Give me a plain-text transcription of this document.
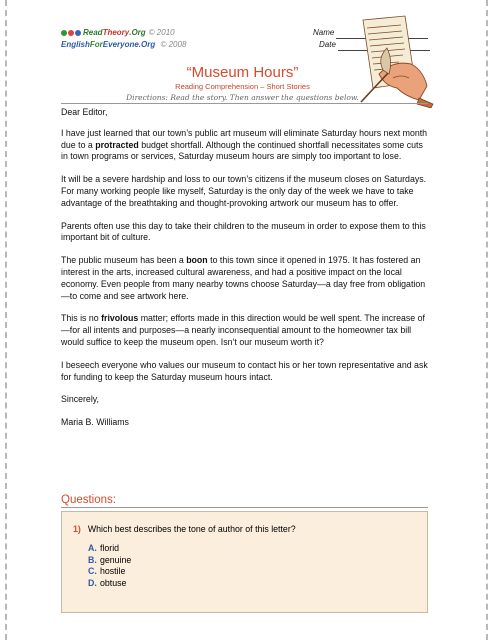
Read Theory .Org © 2010
EnglishForEveryone.Org © 2008
Name
Date
“Museum Hours”
Reading Comprehension – Short Stories
Directions: Read the story. Then answer the questions below.

Dear Editor,

I have just learned that our town’s public art museum will eliminate Saturday hours next month due to a protracted budget shortfall. Although the continued shortfall necessitates some cuts in town programs or services, Saturday museum hours are simply too important to lose.

It will be a severe hardship and loss to our town’s citizens if the museum closes on Saturdays. For many working people like myself, Saturday is the only day of the week we have to take advantage of the breathtaking and thought-provoking artwork our museum has to offer.

Parents often use this day to take their children to the museum in order to expose them to this important bit of culture.

The public museum has been a boon to this town since it opened in 1975. It has fostered an interest in the arts, increased cultural awareness, and had a positive impact on the local economy. Even people from many nearby towns choose Saturday—a day free from obligation—to come and see artwork here.

This is no frivolous matter; efforts made in this direction would be well spent. The increase of—for all intents and purposes—a nearly inconsequential amount to the homeowner tax bill would suffice to keep the museum open. Isn’t our museum worth it?

I beseech everyone who values our museum to contact his or her town representative and ask for funding to keep the Saturday museum hours intact.

Sincerely,

Maria B. Williams

Questions:
1) Which best describes the tone of author of this letter?
A. florid
B. genuine
C. hostile
D. obtuse
